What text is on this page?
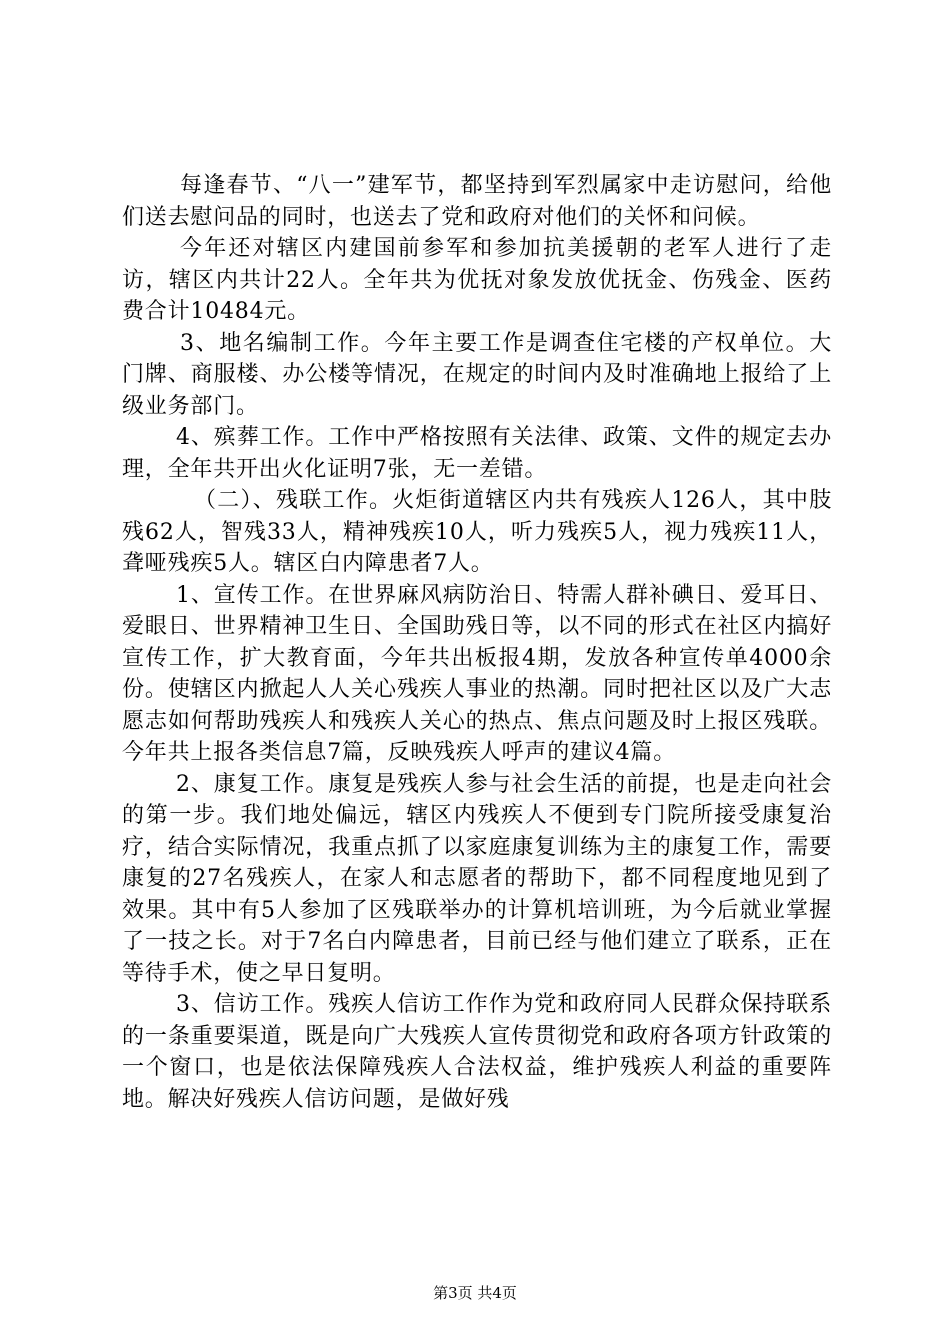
每逢春节、“八一”建军节，都坚持到军烈属家中走访慰问，给他们送去慰问品的同时，也送去了党和政府对他们的关怀和问候。

今年还对辖区内建国前参军和参加抗美援朝的老军人进行了走访，辖区内共计22人。全年共为优抚对象发放优抚金、伤残金、医药费合计10484元。

3、地名编制工作。今年主要工作是调查住宅楼的产权单位。大门牌、商服楼、办公楼等情况，在规定的时间内及时准确地上报给了上级业务部门。

4、殡葬工作。工作中严格按照有关法律、政策、文件的规定去办理，全年共开出火化证明7张，无一差错。

（二）、残联工作。火炬街道辖区内共有残疾人126人，其中肢残62人，智残33人，精神残疾10人，听力残疾5人，视力残疾11人，聋哑残疾5人。辖区白内障患者7人。

1、宣传工作。在世界麻风病防治日、特需人群补碘日、爱耳日、爱眼日、世界精神卫生日、全国助残日等，以不同的形式在社区内搞好宣传工作，扩大教育面，今年共出板报4期，发放各种宣传单4000余份。使辖区内掀起人人关心残疾人事业的热潮。同时把社区以及广大志愿志如何帮助残疾人和残疾人关心的热点、焦点问题及时上报区残联。今年共上报各类信息7篇，反映残疾人呼声的建议4篇。

2、康复工作。康复是残疾人参与社会生活的前提，也是走向社会的第一步。我们地处偏远，辖区内残疾人不便到专门院所接受康复治疗，结合实际情况，我重点抓了以家庭康复训练为主的康复工作，需要康复的27名残疾人，在家人和志愿者的帮助下，都不同程度地见到了效果。其中有5人参加了区残联举办的计算机培训班，为今后就业掌握了一技之长。对于7名白内障患者，目前已经与他们建立了联系，正在等待手术，使之早日复明。

3、信访工作。残疾人信访工作作为党和政府同人民群众保持联系的一条重要渠道，既是向广大残疾人宣传贯彻党和政府各项方针政策的一个窗口，也是依法保障残疾人合法权益，维护残疾人利益的重要阵地。解决好残疾人信访问题，是做好残

第3页 共4页
